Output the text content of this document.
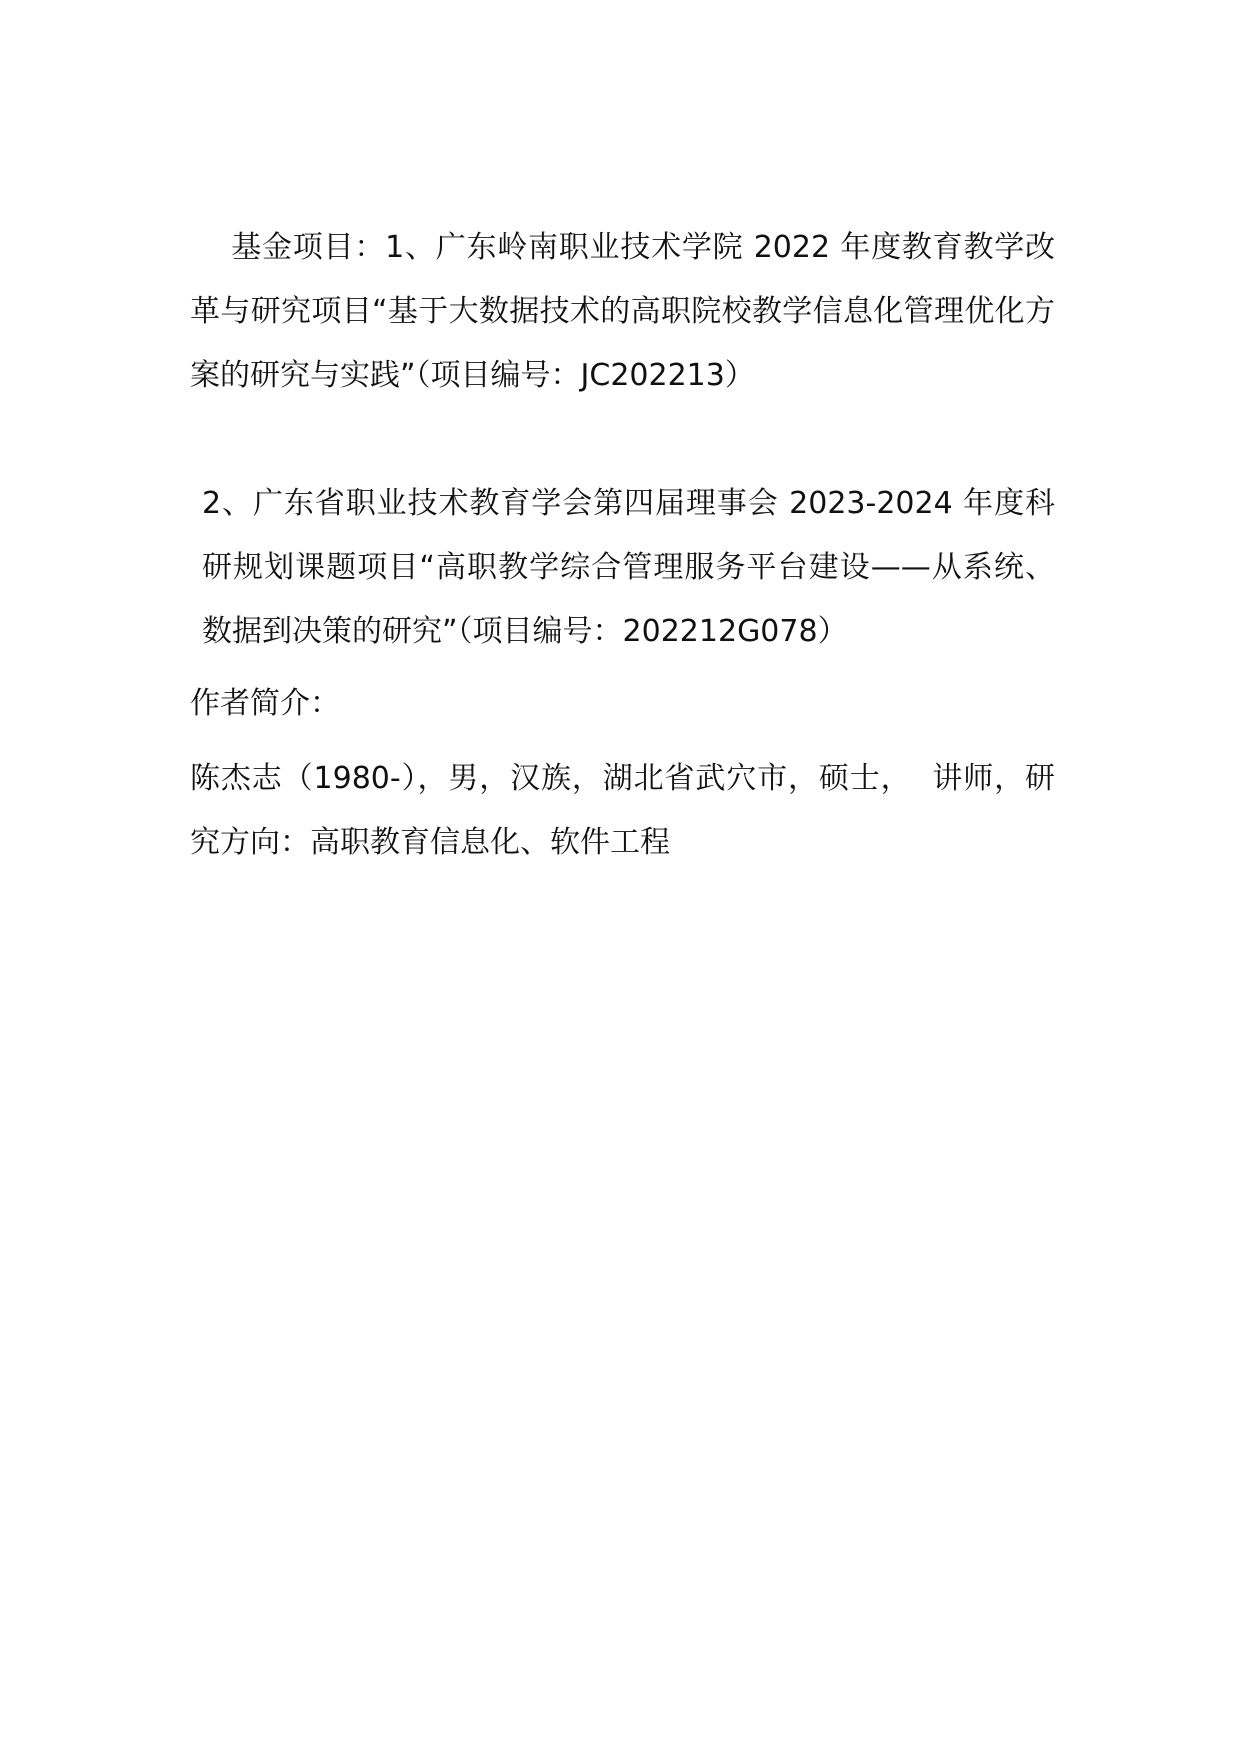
基金项目：1、广东岭南职业技术学院 2022 年度教育教学改革与研究项目“基于大数据技术的高职院校教学信息化管理优化方案的研究与实践”（项目编号：JC202213）

2、广东省职业技术教育学会第四届理事会 2023-2024 年度科研规划课题项目“高职教学综合管理服务平台建设——从系统、数据到决策的研究”（项目编号：202212G078）

作者简介：
陈杰志（1980-），男，汉族，湖北省武穴市，硕士，  讲师，研究方向：高职教育信息化、软件工程
